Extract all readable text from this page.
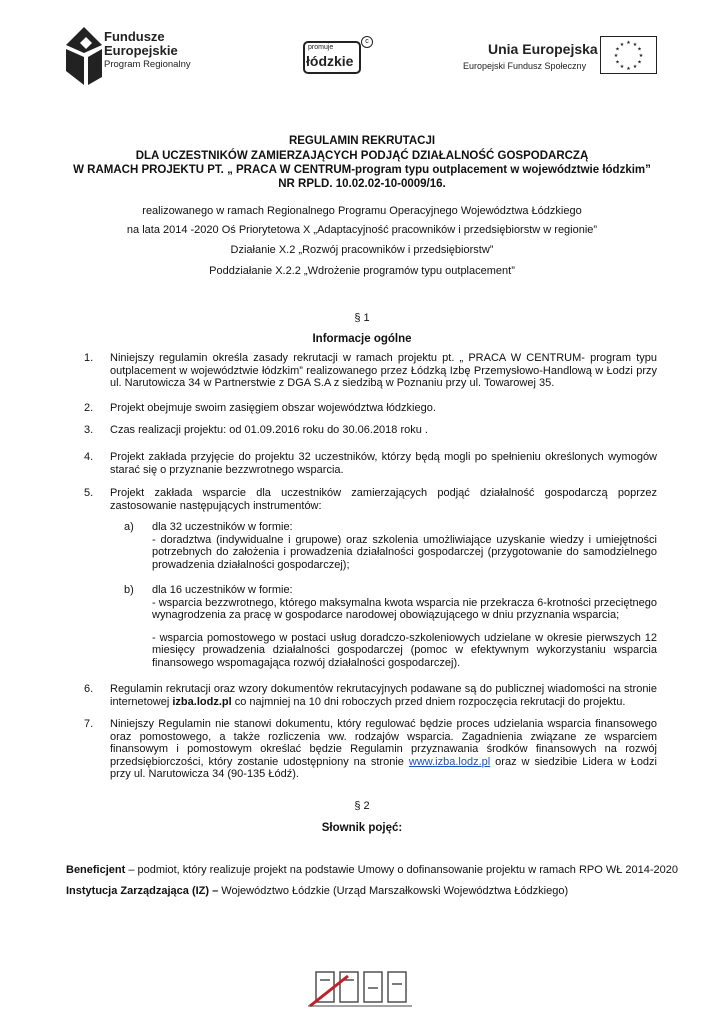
Fundusze
Europejskie
Program Regionalny
promuje
łódzkie
c	Unia Europejska
Europejski Fundusz Społeczny
★ ★
★
★
★
★
★
★
★
★
★
★
REGULAMIN REKRUTACJI
DLA UCZESTNIKÓW ZAMIERZAJĄCYCH PODJĄĆ DZIAŁALNOŚĆ GOSPODARCZĄ
W RAMACH PROJEKTU PT. „ PRACA W CENTRUM-program typu outplacement w województwie łódzkim”
NR RPLD. 10.02.02-10-0009/16.
realizowanego w ramach Regionalnego Programu Operacyjnego Województwa Łódzkiego
na lata 2014 -2020 Oś Priorytetowa X „Adaptacyjność pracowników i przedsiębiorstw w regionie”
Działanie X.2 „Rozwój pracowników i przedsiębiorstw”
Poddziałanie X.2.2 „Wdrożenie programów typu outplacement”
§ 1
Informacje ogólne
1. Niniejszy regulamin określa zasady rekrutacji w ramach projektu pt. „ PRACA W CENTRUM- program typu outplacement w województwie łódzkim” realizowanego przez Łódzką Izbę Przemysłowo-Handlową w Łodzi przy ul. Narutowicza 34 w Partnerstwie z DGA S.A z siedzibą w Poznaniu przy ul. Towarowej 35.
2. Projekt obejmuje swoim zasięgiem obszar województwa łódzkiego.
3. Czas realizacji projektu: od 01.09.2016 roku do 30.06.2018 roku .
4. Projekt zakłada przyjęcie do projektu 32 uczestników, którzy będą mogli po spełnieniu określonych wymogów starać się o przyznanie bezzwrotnego wsparcia.
5. Projekt zakłada wsparcie dla uczestników zamierzających podjąć działalność gospodarczą poprzez zastosowanie następujących instrumentów:
a) dla 32 uczestników w formie:
- doradztwa (indywidualne i grupowe) oraz szkolenia umożliwiające uzyskanie wiedzy i umiejętności potrzebnych do założenia i prowadzenia działalności gospodarczej (przygotowanie do samodzielnego prowadzenia działalności gospodarczej);
b) dla 16 uczestników w formie:
- wsparcia bezzwrotnego, którego maksymalna kwota wsparcia nie przekracza 6-krotności przeciętnego wynagrodzenia za pracę w gospodarce narodowej obowiązującego w dniu przyznania wsparcia;
- wsparcia pomostowego w postaci usług doradczo-szkoleniowych udzielane w okresie pierwszych 12 miesięcy prowadzenia działalności gospodarczej (pomoc w efektywnym wykorzystaniu wsparcia finansowego wspomagająca rozwój działalności gospodarczej).
6. Regulamin rekrutacji oraz wzory dokumentów rekrutacyjnych podawane są do publicznej wiadomości na stronie internetowej izba.lodz.pl co najmniej na 10 dni roboczych przed dniem rozpoczęcia rekrutacji do projektu.
7. Niniejszy Regulamin nie stanowi dokumentu, który regulować będzie proces udzielania wsparcia finansowego oraz pomostowego, a także rozliczenia ww. rodzajów wsparcia. Zagadnienia związane ze wsparciem finansowym i pomostowym określać będzie Regulamin przyznawania środków finansowych na rozwój przedsiębiorczości, który zostanie udostępniony na stronie www.izba.lodz.pl oraz w siedzibie Lidera w Łodzi przy ul. Narutowicza 34 (90-135 Łódź).
§ 2
Słownik pojęć:
Beneficjent – podmiot, który realizuje projekt na podstawie Umowy o dofinansowanie projektu w ramach RPO WŁ 2014-2020
Instytucja Zarządzająca (IZ) – Województwo Łódzkie (Urząd Marszałkowski Województwa Łódzkiego)
